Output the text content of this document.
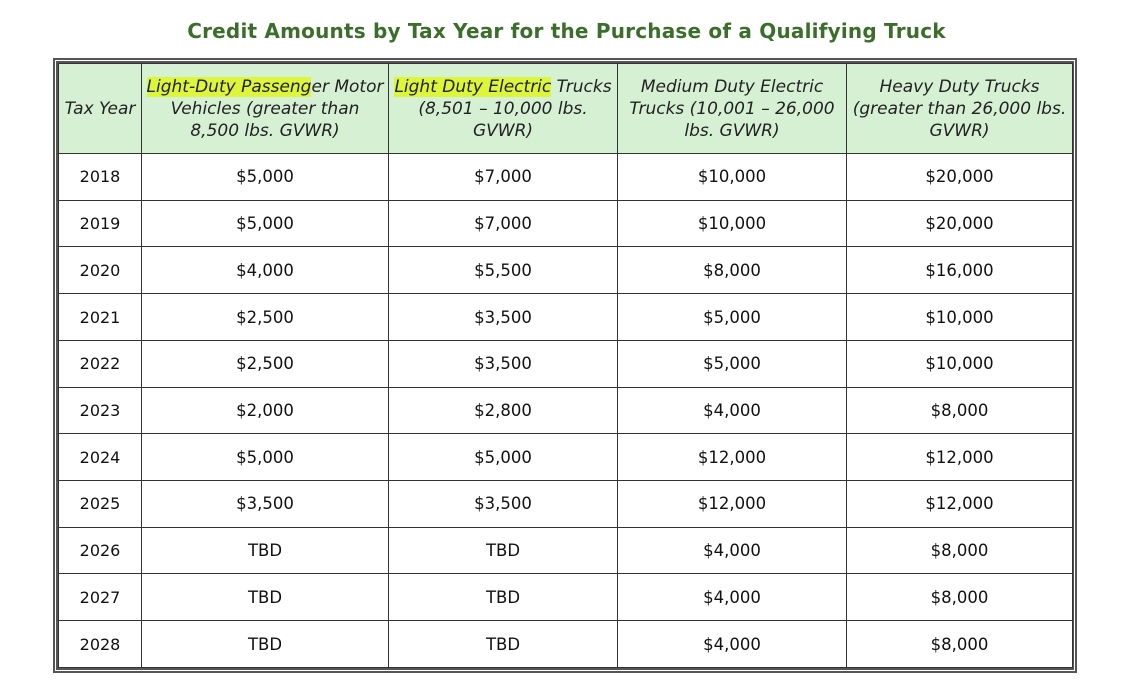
Credit Amounts by Tax Year for the Purchase of a Qualifying Truck
Tax Year	Light-Duty Passenger Motor Vehicles (greater than 8,500 lbs. GVWR)	Light Duty Electric Trucks (8,501 – 10,000 lbs. GVWR)	Medium Duty Electric Trucks (10,001 – 26,000 lbs. GVWR)	Heavy Duty Trucks (greater than 26,000 lbs. GVWR)
2018	$5,000	$7,000	$10,000	$20,000
2019	$5,000	$7,000	$10,000	$20,000
2020	$4,000	$5,500	$8,000	$16,000
2021	$2,500	$3,500	$5,000	$10,000
2022	$2,500	$3,500	$5,000	$10,000
2023	$2,000	$2,800	$4,000	$8,000
2024	$5,000	$5,000	$12,000	$12,000
2025	$3,500	$3,500	$12,000	$12,000
2026	TBD	TBD	$4,000	$8,000
2027	TBD	TBD	$4,000	$8,000
2028	TBD	TBD	$4,000	$8,000
